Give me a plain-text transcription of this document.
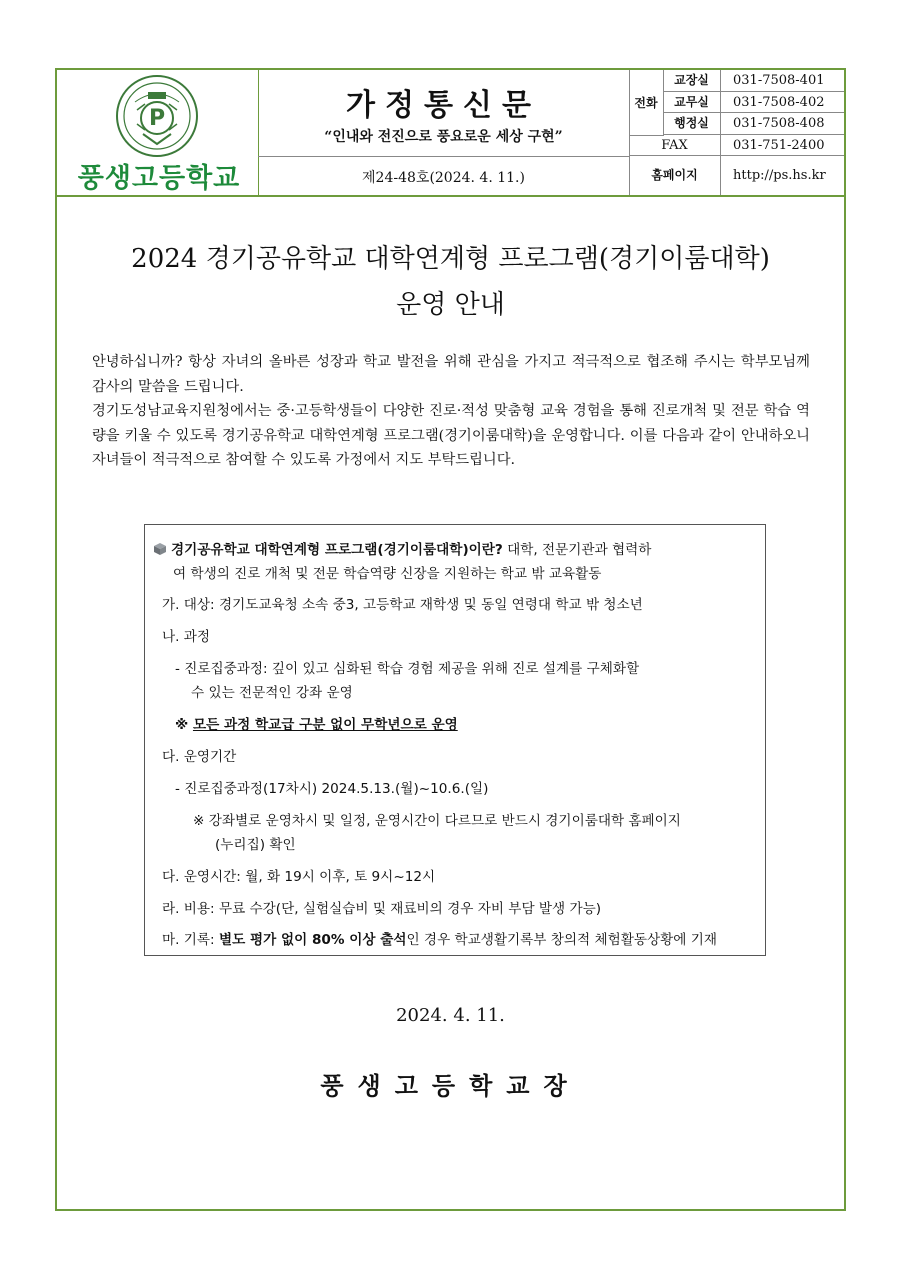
P
풍생고등학교
가정통신문
“인내와 전진으로 풍요로운 세상 구현”
제24-48호(2024. 4. 11.)
전화
교장실	031-7508-401
교무실	031-7508-402
행정실	031-7508-408
FAX	031-751-2400
홈페이지	http://ps.hs.kr
2024 경기공유학교 대학연계형 프로그램(경기이룸대학)
운영 안내

안녕하십니까? 항상 자녀의 올바른 성장과 학교 발전을 위해 관심을 가지고 적극적으로 협조해 주시는 학부모님께 감사의 말씀을 드립니다.

경기도성남교육지원청에서는 중·고등학생들이 다양한 진로·적성 맞춤형 교육 경험을 통해 진로개척 및 전문 학습 역량을 키울 수 있도록 경기공유학교 대학연계형 프로그램(경기이룸대학)을 운영합니다. 이를 다음과 같이 안내하오니 자녀들이 적극적으로 참여할 수 있도록 가정에서 지도 부탁드립니다.

경기공유학교 대학연계형 프로그램(경기이룸대학)이란? 대학, 전문기관과 협력하
여 학생의 진로 개척 및 전문 학습역량 신장을 지원하는 학교 밖 교육활동
가. 대상: 경기도교육청 소속 중3, 고등학교 재학생 및 동일 연령대 학교 밖 청소년
나. 과정
- 진로집중과정: 깊이 있고 심화된 학습 경험 제공을 위해 진로 설계를 구체화할
수 있는 전문적인 강좌 운영
※ 모든 과정 학교급 구분 없이 무학년으로 운영
다. 운영기간
- 진로집중과정(17차시) 2024.5.13.(월)~10.6.(일)
※ 강좌별로 운영차시 및 일정, 운영시간이 다르므로 반드시 경기이룸대학 홈페이지
(누리집) 확인
다. 운영시간: 월, 화 19시 이후, 토 9시~12시
라. 비용: 무료 수강(단, 실험실습비 및 재료비의 경우 자비 부담 발생 가능)
마. 기록: 별도 평가 없이 80% 이상 출석인 경우 학교생활기록부 창의적 체험활동상황에 기재
2024. 4. 11.
풍생고등학교장
